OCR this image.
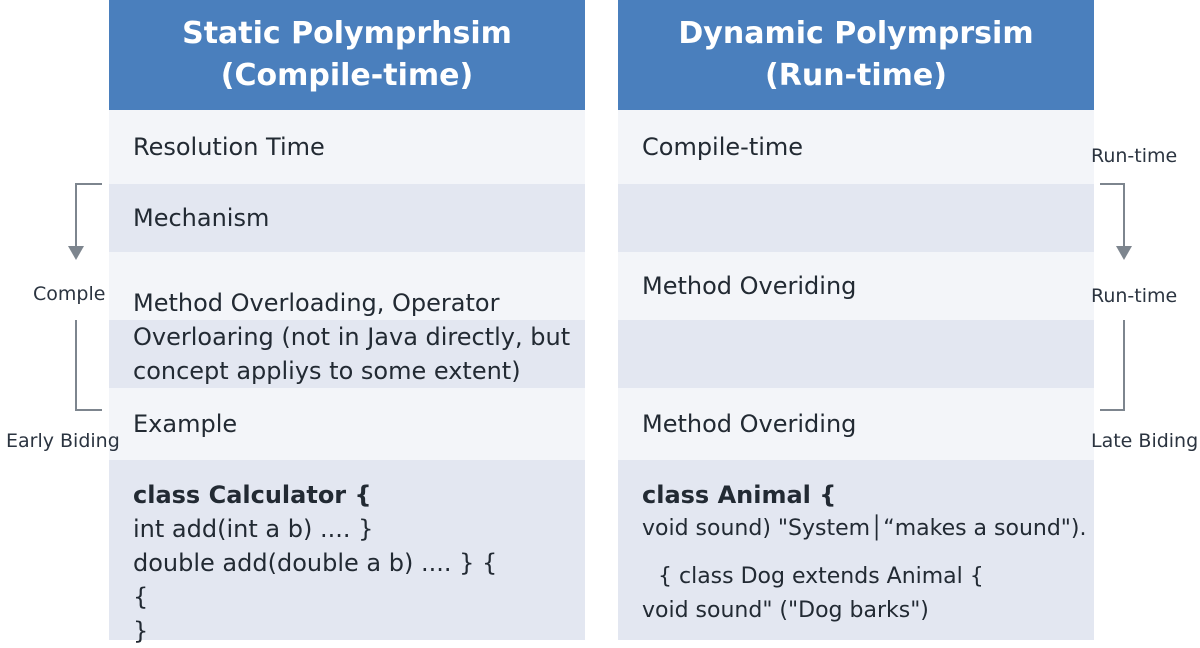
Static Polymprhsim
(Compile-time)
Resolution Time
Mechanism
Method Overloading, Operator
Overloaring (not in Java directly, but
concept appliys to some extent)
Example
class Calculator {
int add(int a b) .... }
double add(double a b) .... } {
{
}
Dynamic Polymprsim
(Run-time)
Compile-time
Method Overiding
Method Overiding
class Animal {
void sound) "System│“makes a sound").
{ class Dog extends Animal {
void sound" ("Dog barks")
Comple
Early Biding
Run-time
Run-time
Late Biding
